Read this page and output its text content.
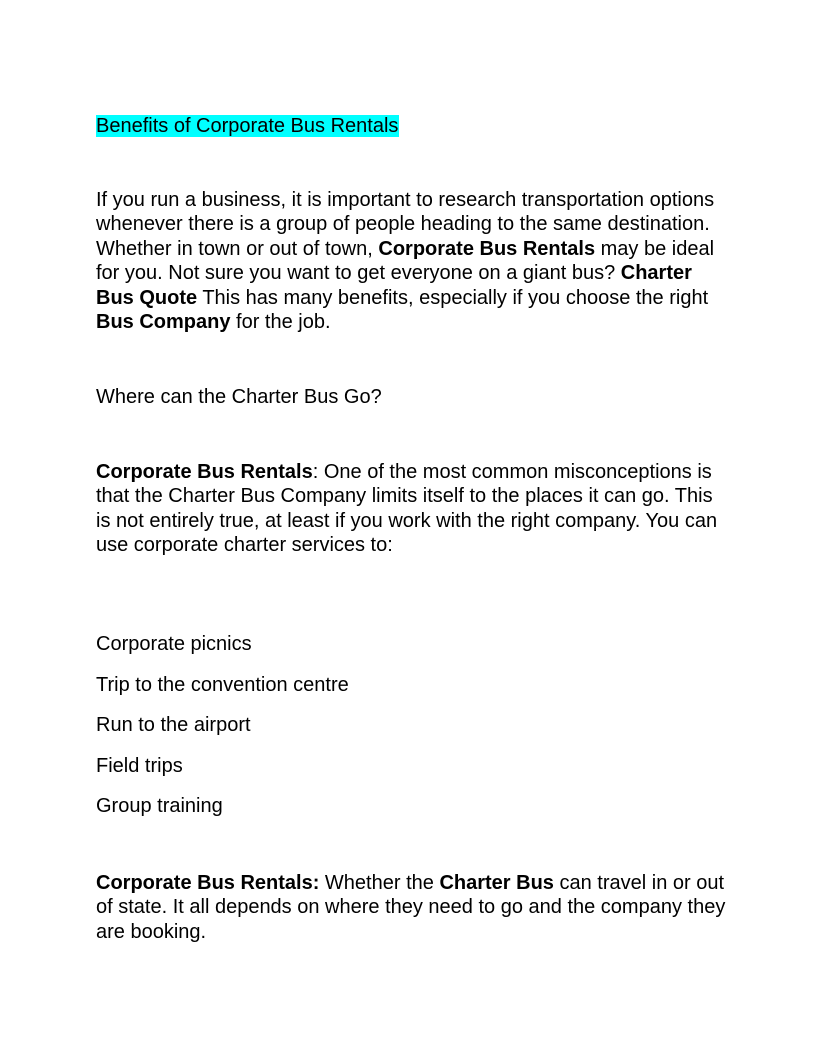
Benefits of Corporate Bus Rentals

If you run a business, it is important to research transportation options whenever there is a group of people heading to the same destination. Whether in town or out of town, Corporate Bus Rentals may be ideal for you. Not sure you want to get everyone on a giant bus? Charter Bus Quote This has many benefits, especially if you choose the right Bus Company for the job.

Where can the Charter Bus Go?

Corporate Bus Rentals: One of the most common misconceptions is that the Charter Bus Company limits itself to the places it can go. This is not entirely true, at least if you work with the right company. You can use corporate charter services to:

Corporate picnics
Trip to the convention centre
Run to the airport
Field trips
Group training

Corporate Bus Rentals: Whether the Charter Bus can travel in or out of state. It all depends on where they need to go and the company they are booking.
